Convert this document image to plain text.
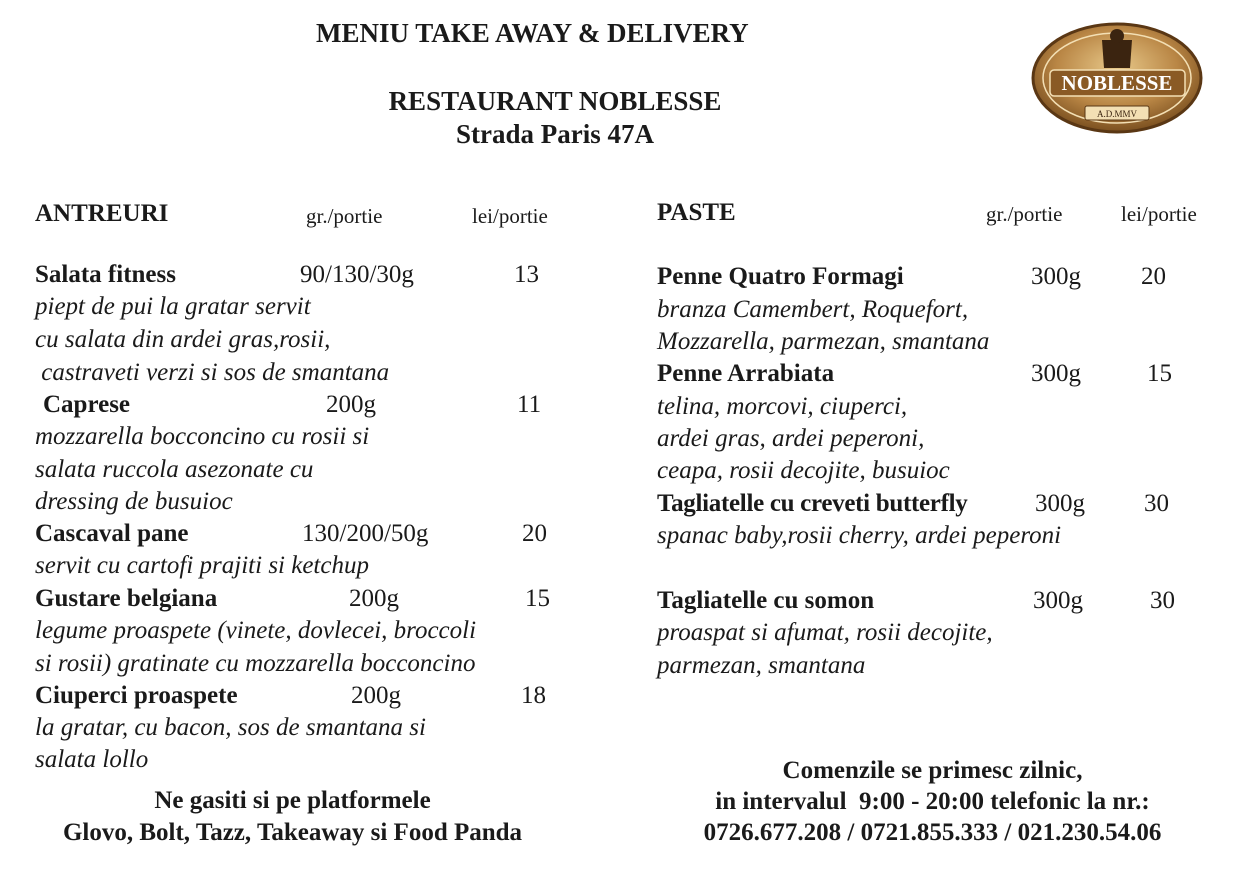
MENIU TAKE AWAY & DELIVERY
RESTAURANT NOBLESSE
Strada Paris 47A
NOBLESSE
A.D.MMV
ANTREURI	gr./portie	lei/portie
Salata fitness	90/130/30g	13
piept de pui la gratar servit
cu salata din ardei gras,rosii,
castraveti verzi si sos de smantana
Caprese	200g	11
mozzarella bocconcino cu rosii si
salata ruccola asezonate cu
dressing de busuioc
Cascaval pane	130/200/50g	20
servit cu cartofi prajiti si ketchup
Gustare belgiana	200g	15
legume proaspete (vinete, dovlecei, broccoli
si rosii) gratinate cu mozzarella bocconcino
Ciuperci proaspete	200g	18
la gratar, cu bacon, sos de smantana si
salata lollo
PASTE	gr./portie	lei/portie
Penne Quatro Formagi	300g 20
branza Camembert, Roquefort,
Mozzarella, parmezan, smantana
Penne Arrabiata	300g	15
telina, morcovi, ciuperci,
ardei gras, ardei peperoni,
ceapa, rosii decojite, busuioc
Tagliatelle cu creveti butterfly	300g 30
spanac baby,rosii cherry, ardei peperoni
Tagliatelle cu somon	300g	30
proaspat si afumat, rosii decojite,
parmezan, smantana
Ne gasiti si pe platformele
Glovo, Bolt, Tazz, Takeaway si Food Panda
Comenzile se primesc zilnic,
in intervalul  9:00 - 20:00 telefonic la nr.:
0726.677.208 / 0721.855.333 / 021.230.54.06
